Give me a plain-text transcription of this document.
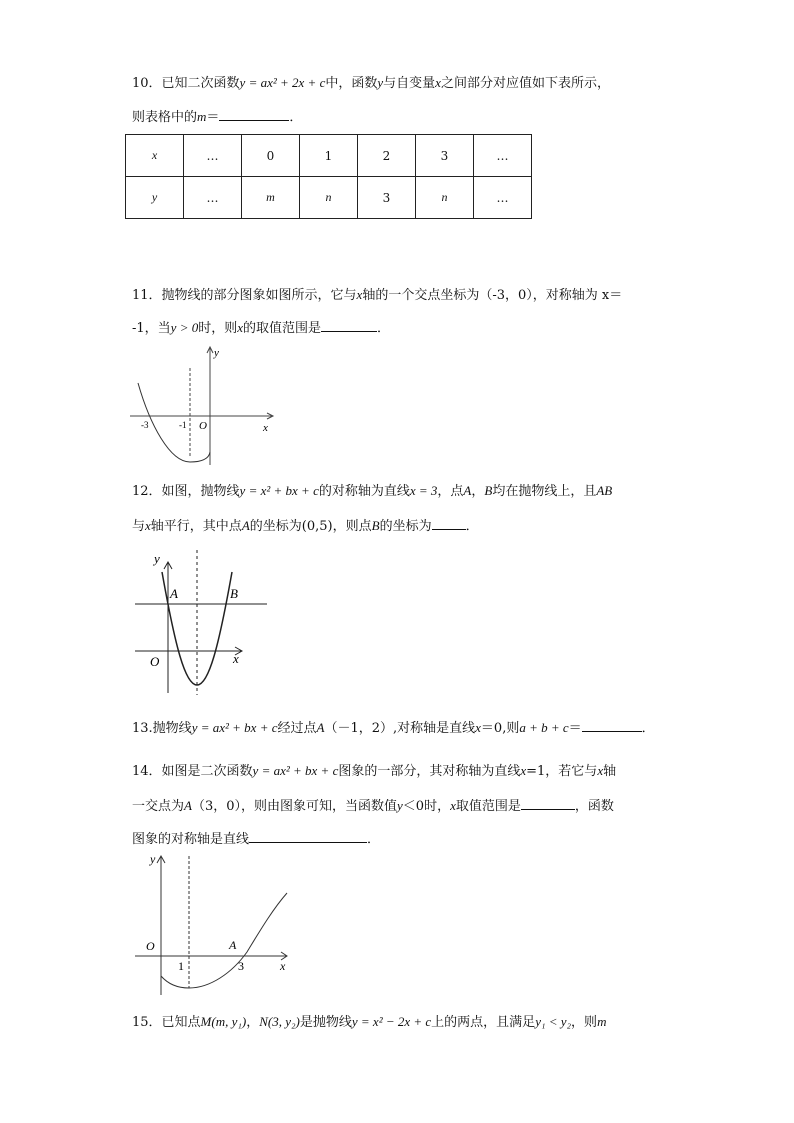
10．已知二次函数y = ax² + 2x + c中，函数y与自变量x之间部分对应值如下表所示，
则表格中的m＝	．
x	…	0	1	2	3	…
y	…	m	n	3	n	…
11．抛物线的部分图象如图所示，它与x轴的一个交点坐标为（-3，0），对称轴为 x＝
-1，当y > 0时，则x的取值范围是	．
y
x
O
-3	-1
12．如图，抛物线y = x² + bx + c的对称轴为直线x = 3，点A，B均在抛物线上，且AB
与x轴平行，其中点A的坐标为(0,5)，则点B的坐标为	．
y
x
O
A	B
13.抛物线y = ax² + bx + c经过点A（－1，2）,对称轴是直线x＝0,则a + b + c＝	．
14．如图是二次函数y = ax² + bx + c图象的一部分，其对称轴为直线x=1，若它与x轴
一交点为A（3，0），则由图象可知，当函数值y＜0时，x取值范围是	，函数
图象的对称轴是直线	．
y
x
O	A
1	3
15．已知点M(m, y₁)，N(3, y₂)是抛物线y = x² − 2x + c上的两点，且满足y₁ < y₂，则m
